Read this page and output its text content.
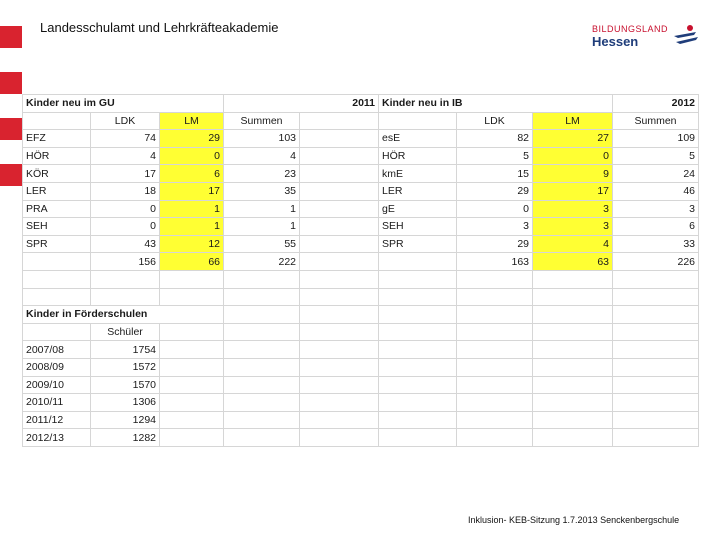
Landesschulamt und Lehrkräfteakademie	BILDUNGSLAND
Hessen
Kinder neu im GU			2011		Kinder neu in IB			2012
	LDK	LM	Summen			LDK	LM	Summen
EFZ	74	29	103		esE	82	27	109
HÖR	4	0	4		HÖR	5	0	5
KÖR	17	6	23		kmE	15	9	24
LER	18	17	35		LER	29	17	46
PRA	0	1	1		gE	0	3	3
SEH	0	1	1		SEH	3	3	6
SPR	43	12	55		SPR	29	4	33
	156	66	222			163	63	226

Kinder in Förderschulen								
	Schüler							
2007/08	1754							
2008/09	1572							
2009/10	1570							
2010/11	1306							
2011/12	1294							
2012/13	1282							
Inklusion- KEB-Sitzung 1.7.2013 Senckenbergschule
